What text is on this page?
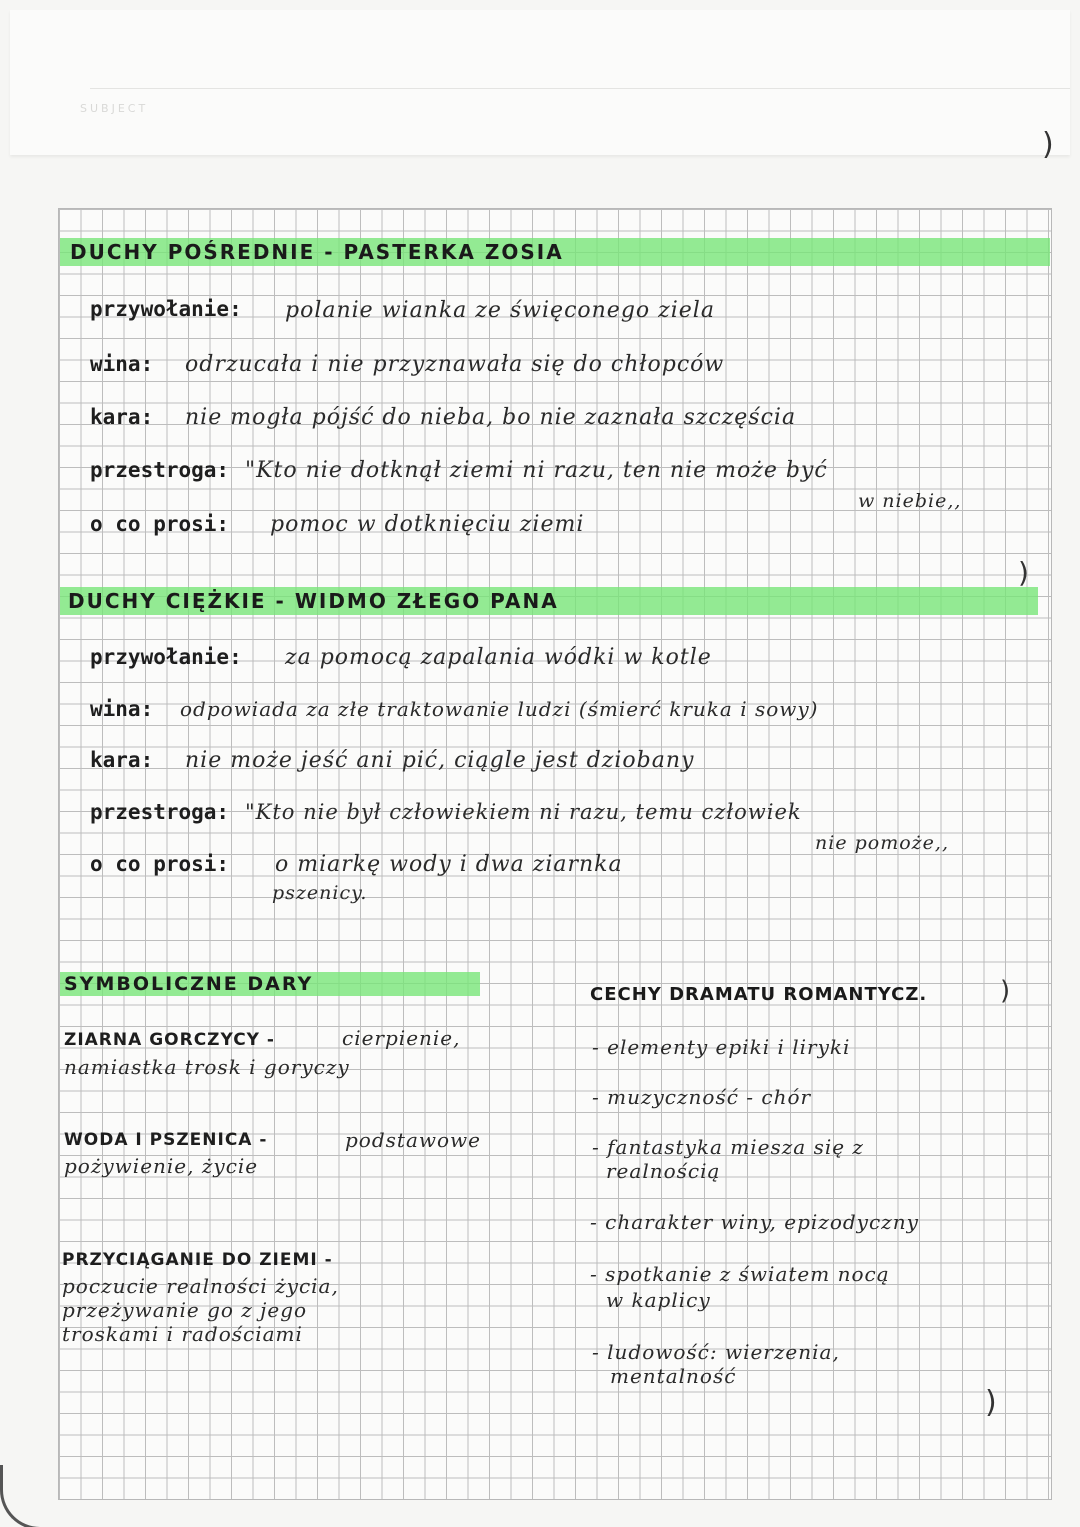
SUBJECT
)
DUCHY POŚREDNIE - PASTERKA ZOSIA
przywołanie: polanie wianka ze święconego ziela
wina: odrzucała i nie przyznawała się do chłopców
kara: nie mogła pójść do nieba, bo nie zaznała szczęścia
przestroga: "Kto nie dotknął ziemi ni razu, ten nie może być
w niebie,,
o co prosi: pomoc w dotknięciu ziemi
)
DUCHY CIĘŻKIE - WIDMO ZŁEGO PANA
przywołanie: za pomocą zapalania wódki w kotle
wina: odpowiada za złe traktowanie ludzi (śmierć kruka i sowy)
kara: nie może jeść ani pić, ciągle jest dziobany
przestroga: "Kto nie był człowiekiem ni razu, temu człowiek
nie pomoże,,
o co prosi: o miarkę wody i dwa ziarnka
pszenicy.
SYMBOLICZNE DARY
ZIARNA GORCZYCY -	cierpienie,
namiastka trosk i goryczy
WODA I PSZENICA -	podstawowe
pożywienie, życie
PRZYCIĄGANIE DO ZIEMI -
poczucie realności życia,
przeżywanie go z jego
troskami i radościami
CECHY DRAMATU ROMANTYCZ.	)
- elementy epiki i liryki
- muzyczność - chór
- fantastyka miesza się z
realnością
- charakter winy, epizodyczny
- spotkanie z światem nocą
w kaplicy
- ludowość: wierzenia,
mentalność
)
